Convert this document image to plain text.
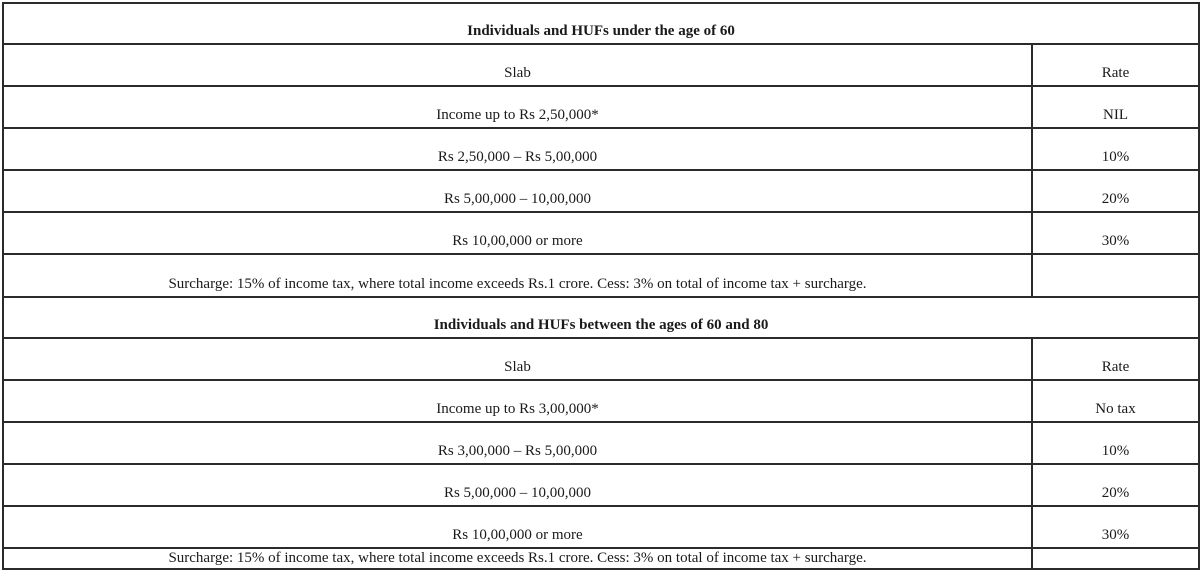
Individuals and HUFs under the age of 60	
Slab	Rate
Income up to Rs 2,50,000*	NIL
Rs 2,50,000 – Rs 5,00,000	10%
Rs 5,00,000 – 10,00,000	20%
Rs 10,00,000 or more	30%
Surcharge: 15% of income tax, where total income exceeds Rs.1 crore. Cess: 3% on total of income tax + surcharge.	
Individuals and HUFs between the ages of 60 and 80	
Slab	Rate
Income up to Rs 3,00,000*	No tax
Rs 3,00,000 – Rs 5,00,000	10%
Rs 5,00,000 – 10,00,000	20%
Rs 10,00,000 or more	30%
Surcharge: 15% of income tax, where total income exceeds Rs.1 crore. Cess: 3% on total of income tax + surcharge.	
